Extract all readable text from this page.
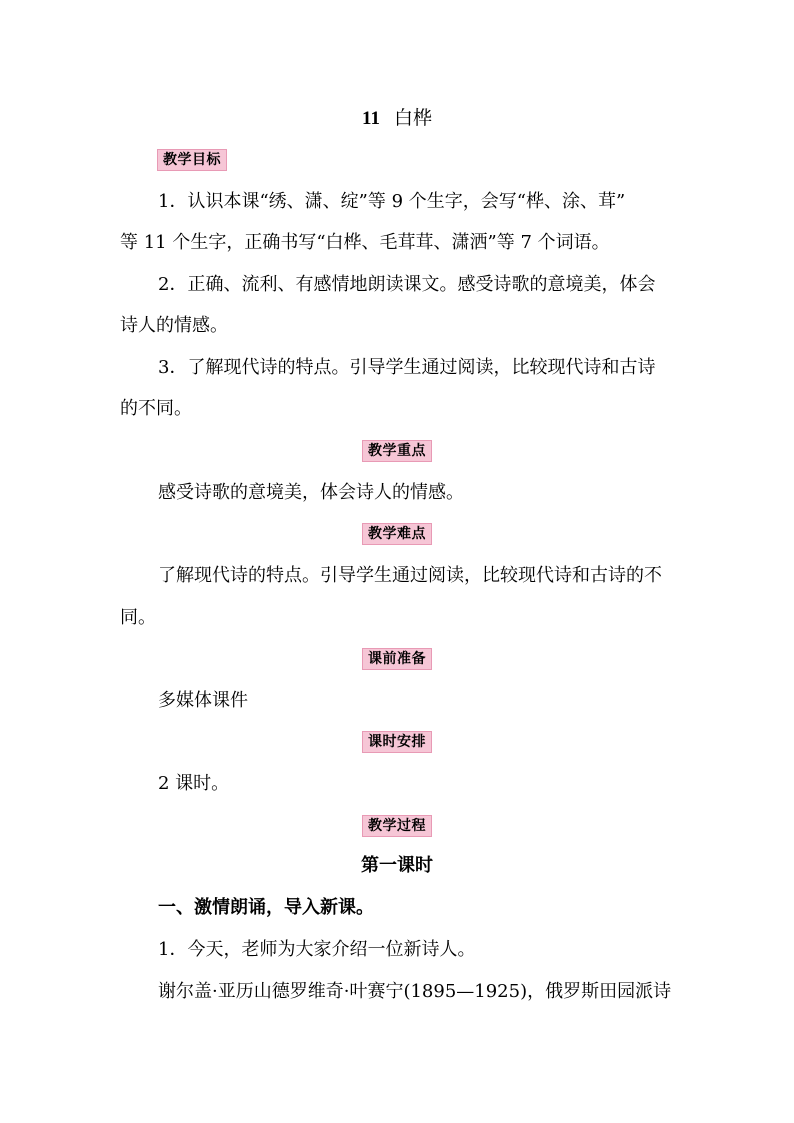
11 白桦
教学目标
1．认识本课“绣、潇、绽”等 9 个生字，会写“桦、涂、茸”
等 11 个生字，正确书写“白桦、毛茸茸、潇洒”等 7 个词语。
2．正确、流利、有感情地朗读课文。感受诗歌的意境美，体会
诗人的情感。
3．了解现代诗的特点。引导学生通过阅读，比较现代诗和古诗
的不同。
教学重点
感受诗歌的意境美，体会诗人的情感。
教学难点
了解现代诗的特点。引导学生通过阅读，比较现代诗和古诗的不
同。
课前准备
多媒体课件
课时安排
2 课时。
教学过程
第一课时
一、激情朗诵，导入新课。
1．今天，老师为大家介绍一位新诗人。
谢尔盖·亚历山德罗维奇·叶赛宁(1895—1925)，俄罗斯田园派诗
